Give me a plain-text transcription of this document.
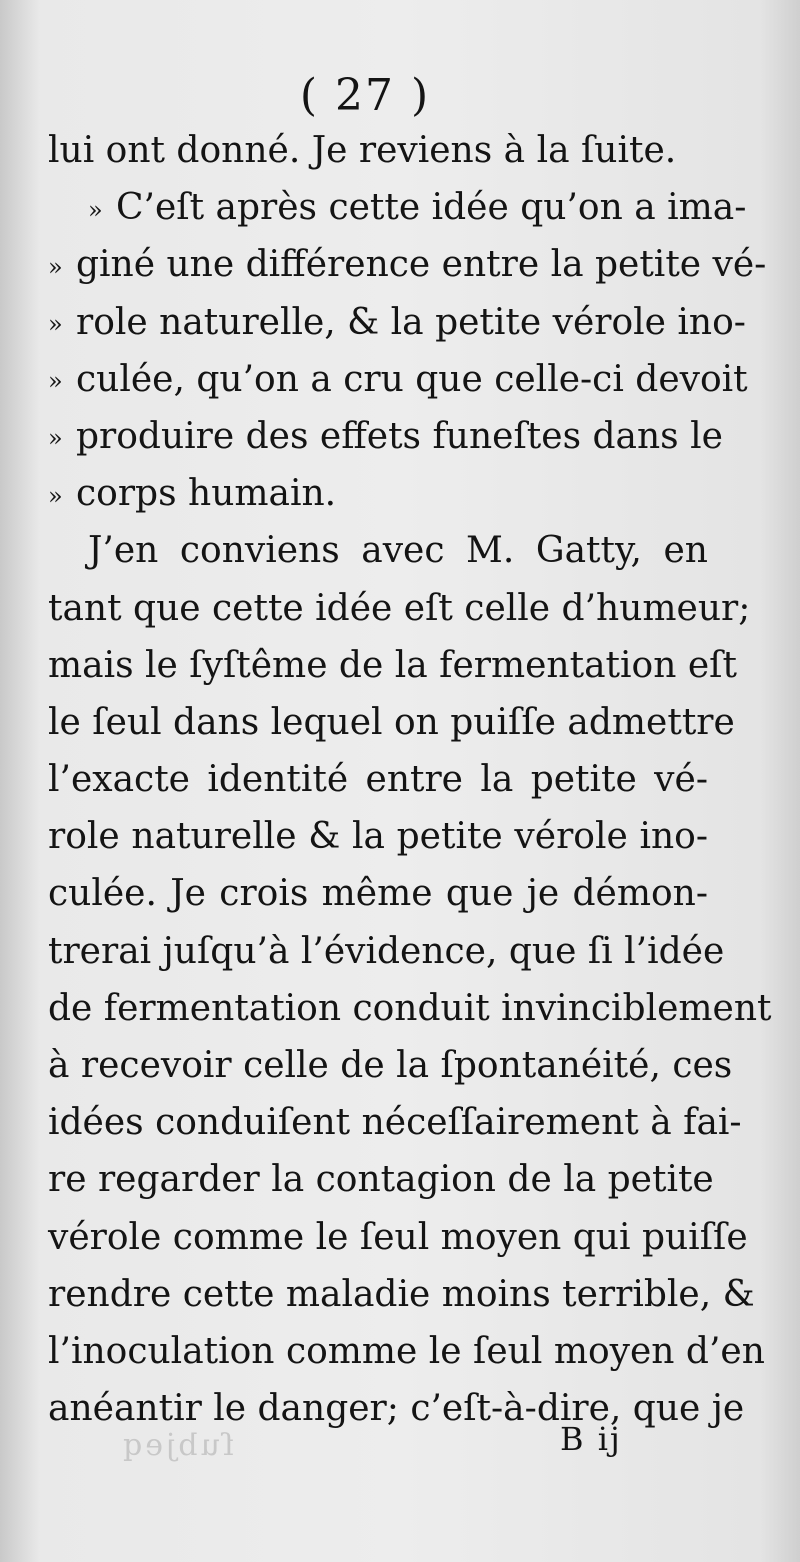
ſubjeq
( 27 )
lui ont donné. Je reviens à la ſuite.
» C’eſt après cette idée qu’on a ima-
» giné une différence entre la petite vé-
» role naturelle, & la petite vérole ino-
» culée, qu’on a cru que celle-ci devoit
» produire des effets funeſtes dans le
» corps humain.
J’en conviens avec M. Gatty, en
tant que cette idée eſt celle d’humeur;
mais le ſyſtême de la fermentation eſt
le ſeul dans lequel on puiſſe admettre
l’exacte identité entre la petite vé-
role naturelle & la petite vérole ino-
culée. Je crois même que je démon-
trerai juſqu’à l’évidence, que ſi l’idée
de fermentation conduit invinciblement
à recevoir celle de la ſpontanéité, ces
idées conduiſent néceſſairement à fai-
re regarder la contagion de la petite
vérole comme le ſeul moyen qui puiſſe
rendre cette maladie moins terrible, &
l’inoculation comme le ſeul moyen d’en
anéantir le danger; c’eſt-à-dire, que je
B ij
